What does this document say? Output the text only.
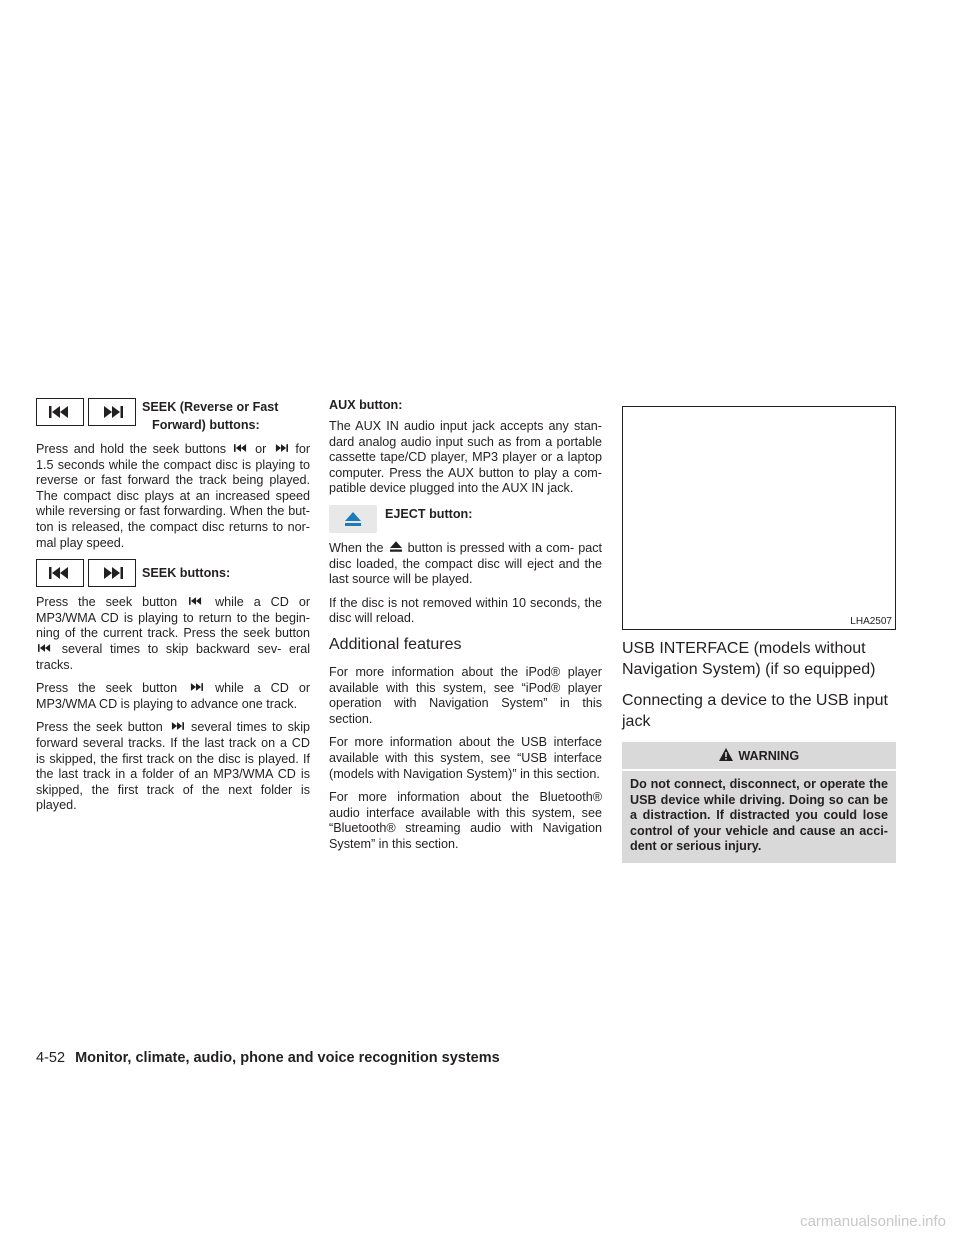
SEEK (Reverse or Fast
Forward) buttons:

Press and hold the seek buttons or for 1.5 seconds while the compact disc is playing to reverse or fast forward the track being played. The compact disc plays at an increased speed while reversing or fast forwarding. When the but- ton is released, the compact disc returns to nor- mal play speed.

SEEK buttons:

Press the seek button	while a CD or MP3/WMA CD is playing to return to the begin- ning of the current track. Press the seek button  several times to skip backward sev- eral tracks.

Press the seek button	while a CD or MP3/WMA CD is playing to advance one track.

Press the seek button several times to skip forward several tracks. If the last track on a CD is skipped, the first track on the disc is played. If the last track in a folder of an MP3/WMA CD is skipped, the first track of the next folder is played.

AUX button:

The AUX IN audio input jack accepts any stan- dard analog audio input such as from a portable cassette tape/CD player, MP3 player or a laptop computer. Press the AUX button to play a com- patible device plugged into the AUX IN jack.

EJECT button:

When the button is pressed with a com- pact disc loaded, the compact disc will eject and the last source will be played.

If the disc is not removed within 10 seconds, the disc will reload.

Additional features

For more information about the iPod® player available with this system, see “iPod® player operation with Navigation System” in this section.

For more information about the USB interface available with this system, see “USB interface (models with Navigation System)” in this section.

For more information about the Bluetooth® audio interface available with this system, see “Bluetooth® streaming audio with Navigation System” in this section.

LHA2507
USB INTERFACE (models without Navigation System) (if so equipped)
Connecting a device to the USB input jack
WARNING
Do not connect, disconnect, or operate the USB device while driving. Doing so can be a distraction. If distracted you could lose control of your vehicle and cause an acci- dent or serious injury.
4-52 Monitor, climate, audio, phone and voice recognition systems
carmanualsonline.info
